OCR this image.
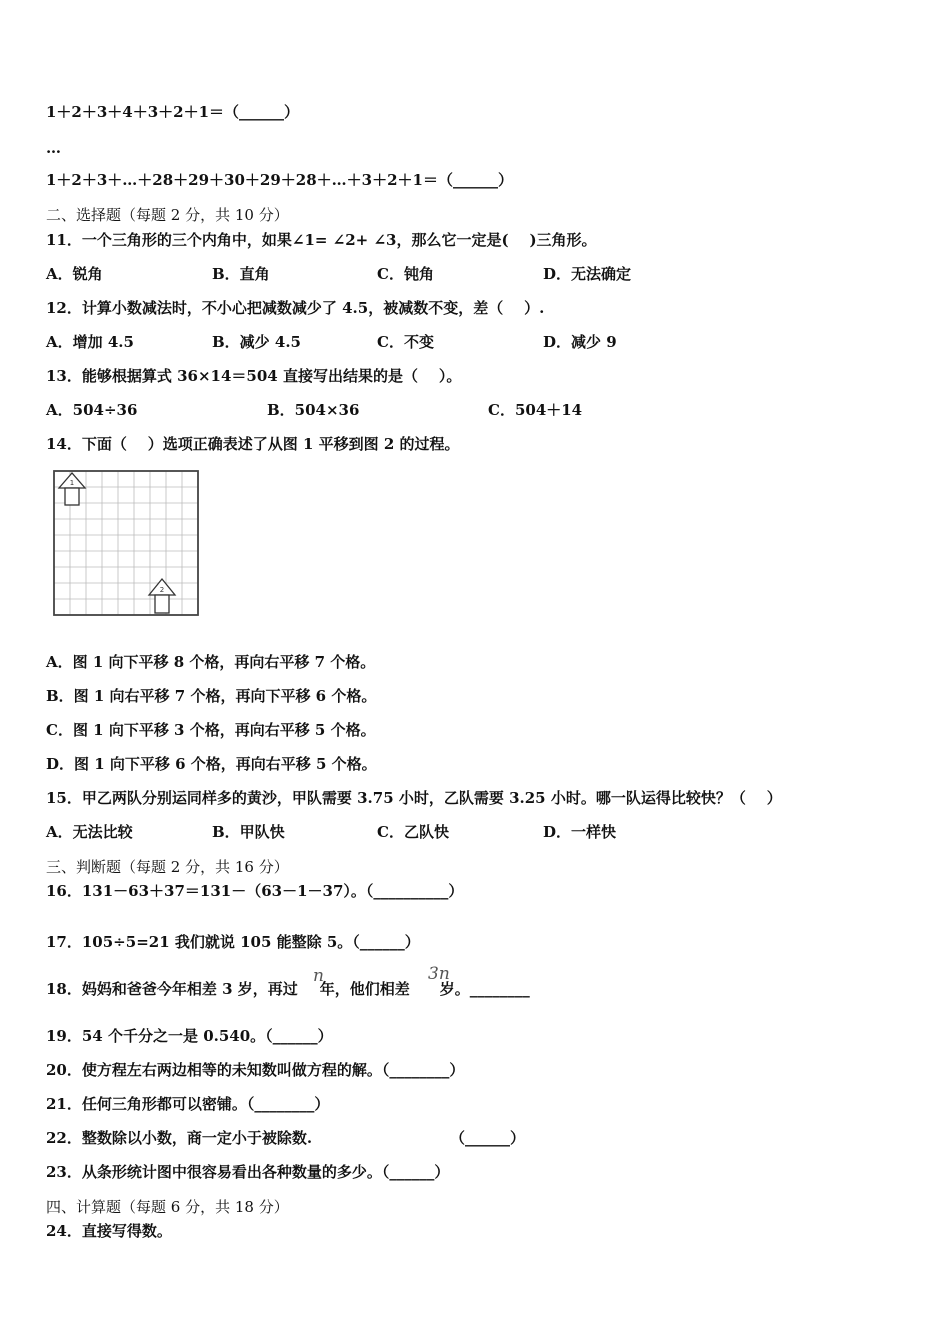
1＋2＋3＋4＋3＋2＋1＝（______）
…
1＋2＋3＋…＋28＋29＋30＋29＋28＋…＋3＋2＋1＝（______）
二、选择题（每题 2 分，共 10 分）
11．一个三角形的三个内角中，如果∠1= ∠2+ ∠3，那么它一定是(    )三角形。
A．锐角	B．直角	C．钝角	D．无法确定
12．计算小数减法时，不小心把减数减少了 4.5，被减数不变，差（    ）.
A．增加 4.5	B．减少 4.5	C．不变	D．减少 9
13．能够根据算式 36×14＝504 直接写出结果的是（    ）。
A．504÷36	B．504×36	C．504＋14
14．下面（    ）选项正确表述了从图 1 平移到图 2 的过程。
1
2
A．图 1 向下平移 8 个格，再向右平移 7 个格。
B．图 1 向右平移 7 个格，再向下平移 6 个格。
C．图 1 向下平移 3 个格，再向右平移 5 个格。
D．图 1 向下平移 6 个格，再向右平移 5 个格。
15．甲乙两队分别运同样多的黄沙，甲队需要 3.75 小时，乙队需要 3.25 小时。哪一队运得比较快？（    ）
A．无法比较	B．甲队快	C．乙队快	D．一样快
三、判断题（每题 2 分，共 16 分）
16．131－63＋37＝131－（63－1－37）。（__________）
17．105÷5=21 我们就说 105 能整除 5。（______）
18．妈妈和爸爸今年相差 3 岁，再过 年，他们相差 岁。________
n	3n
19．54 个千分之一是 0.540。（______）
20．使方程左右两边相等的未知数叫做方程的解。（________）
21．任何三角形都可以密铺。（________）
22．整数除以小数，商一定小于被除数.	（______）
23．从条形统计图中很容易看出各种数量的多少。（______）
四、计算题（每题 6 分，共 18 分）
24．直接写得数。
